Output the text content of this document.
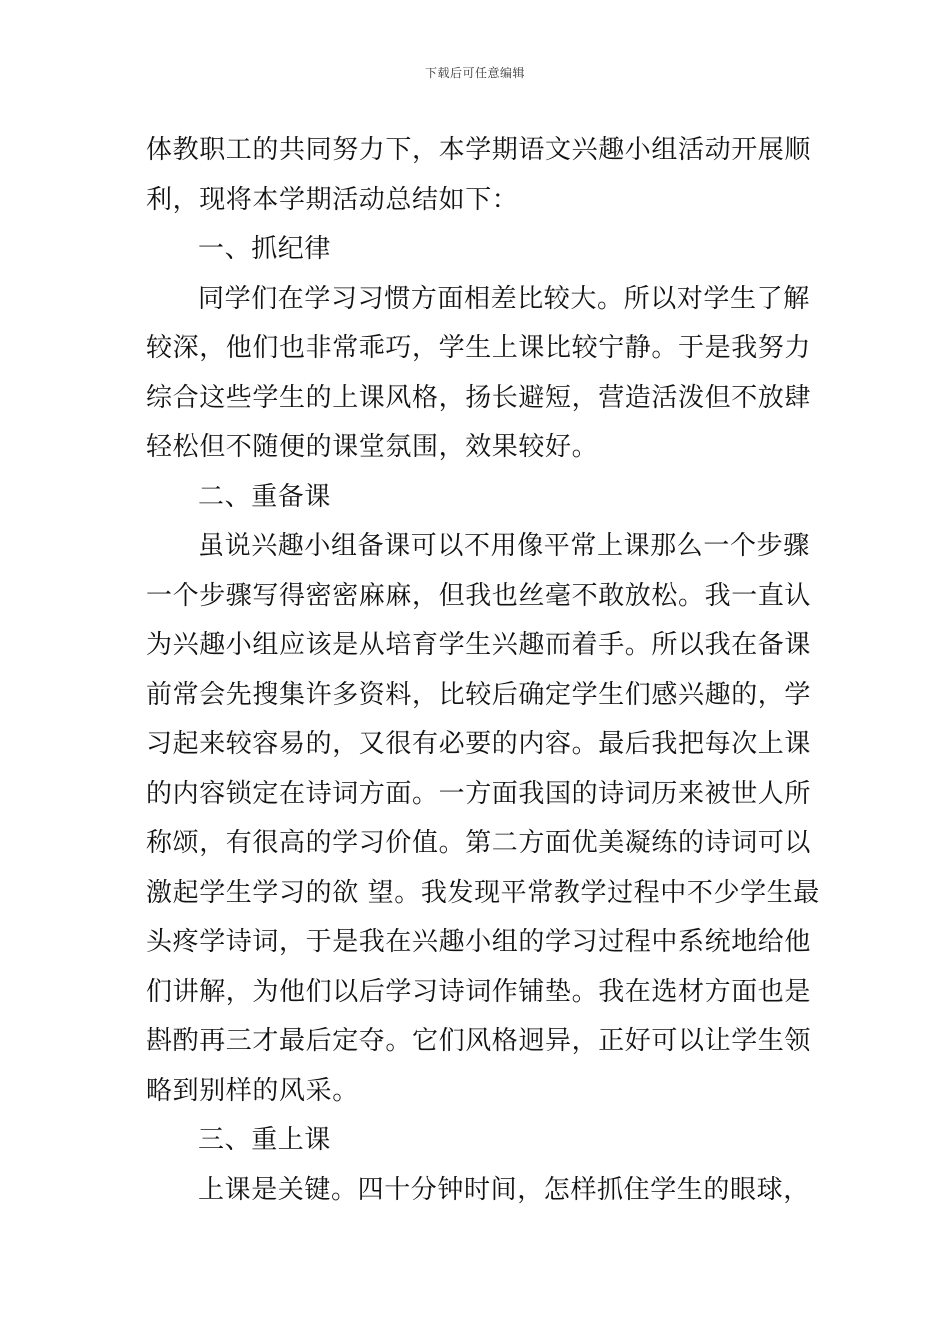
下载后可任意编辑
体教职工的共同努力下，本学期语文兴趣小组活动开展顺
利，现将本学期活动总结如下：
一、抓纪律
同学们在学习习惯方面相差比较大。所以对学生了解
较深，他们也非常乖巧，学生上课比较宁静。于是我努力
综合这些学生的上课风格，扬长避短，营造活泼但不放肆
轻松但不随便的课堂氛围，效果较好。
二、重备课
虽说兴趣小组备课可以不用像平常上课那么一个步骤
一个步骤写得密密麻麻，但我也丝毫不敢放松。我一直认
为兴趣小组应该是从培育学生兴趣而着手。所以我在备课
前常会先搜集许多资料，比较后确定学生们感兴趣的，学
习起来较容易的，又很有必要的内容。最后我把每次上课
的内容锁定在诗词方面。一方面我国的诗词历来被世人所
称颂，有很高的学习价值。第二方面优美凝练的诗词可以
激起学生学习的欲 望。我发现平常教学过程中不少学生最
头疼学诗词，于是我在兴趣小组的学习过程中系统地给他
们讲解，为他们以后学习诗词作铺垫。我在选材方面也是
斟酌再三才最后定夺。它们风格迥异，正好可以让学生领
略到别样的风采。
三、重上课
上课是关键。四十分钟时间，怎样抓住学生的眼球，
